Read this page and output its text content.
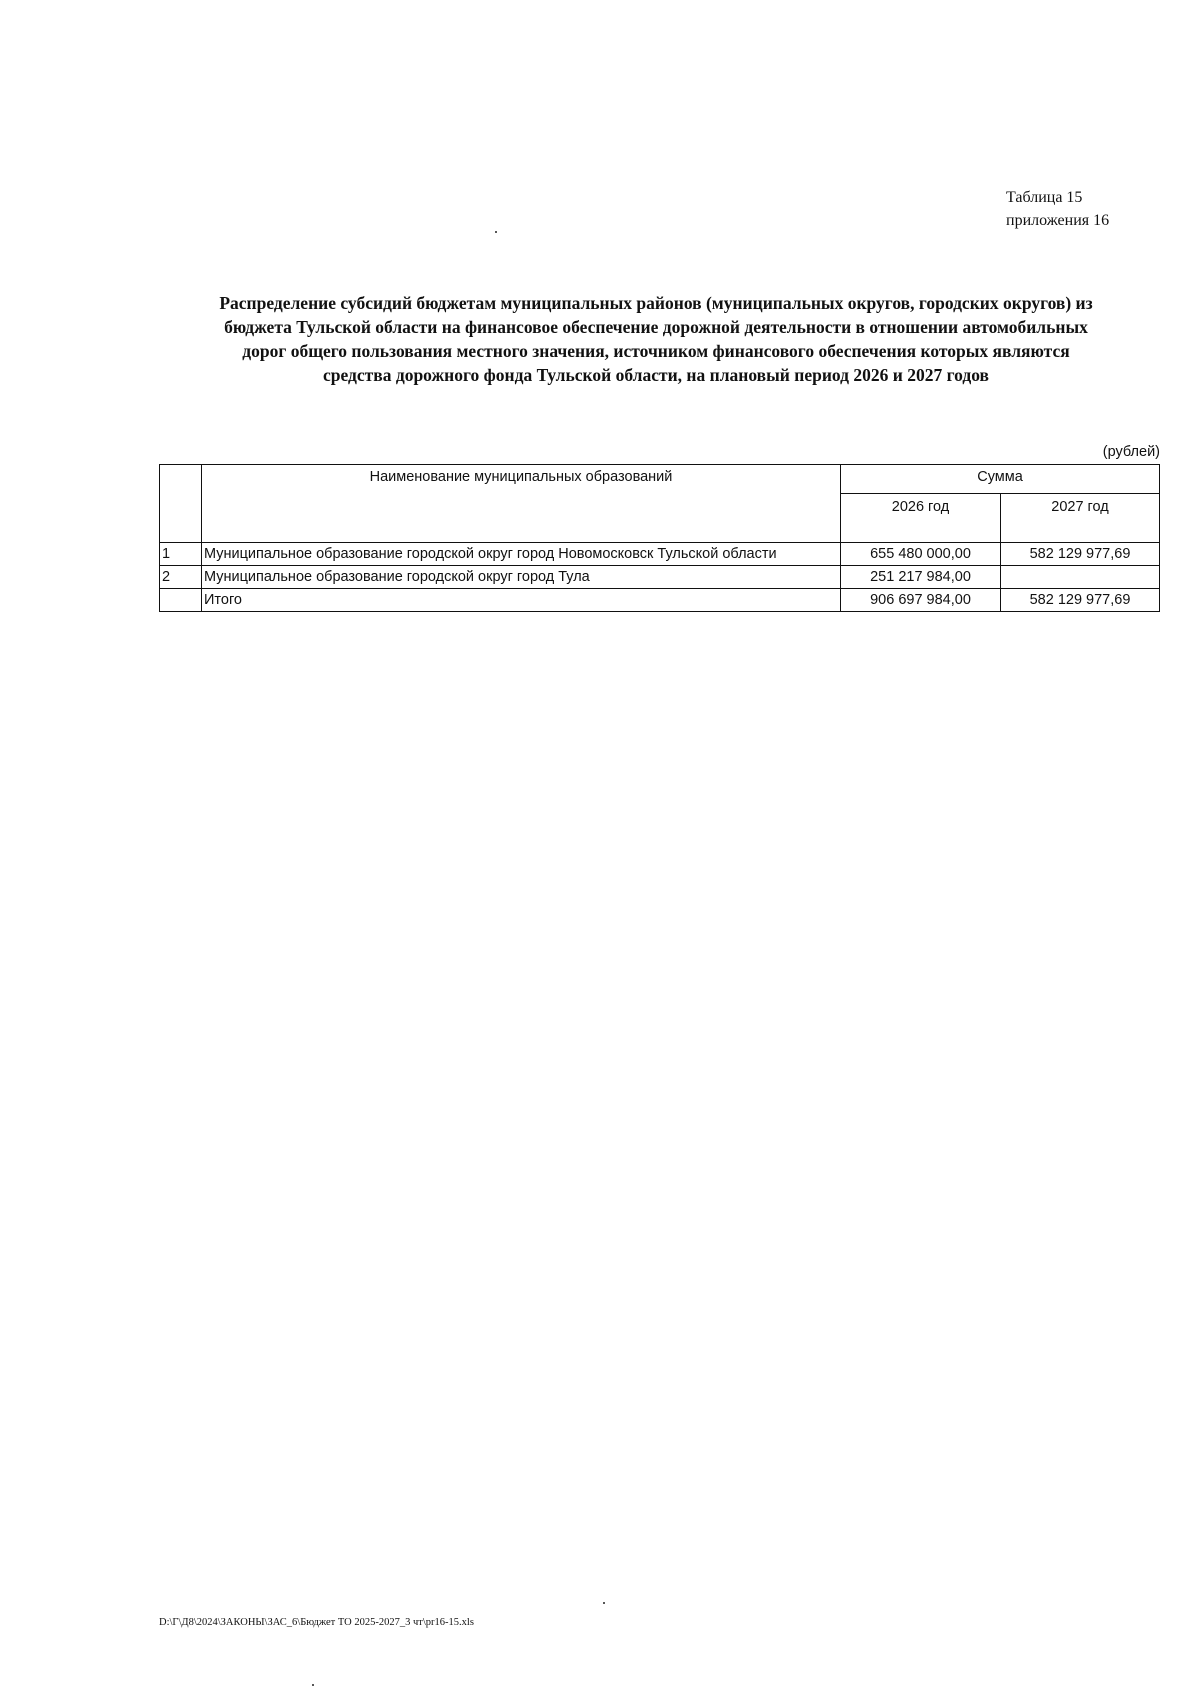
Таблица 15
приложения 16
Распределение субсидий бюджетам муниципальных районов (муниципальных округов, городских округов) из
бюджета Тульской области на финансовое обеспечение дорожной деятельности в отношении автомобильных
дорог общего пользования местного значения, источником финансового обеспечения которых являются
средства дорожного фонда Тульской области, на плановый период 2026 и 2027 годов
(рублей)
	Наименование муниципальных образований	Сумма	
		2026 год	2027 год
1	Муниципальное образование городской округ город Новомосковск Тульской области	655 480 000,00	582 129 977,69
2	Муниципальное образование городской округ город Тула	251 217 984,00	
	Итого	906 697 984,00	582 129 977,69
D:\Г\Д8\2024\ЗАКОНЫ\ЗАС_6\Бюджет ТО 2025-2027_3 чт\pr16-15.xls
